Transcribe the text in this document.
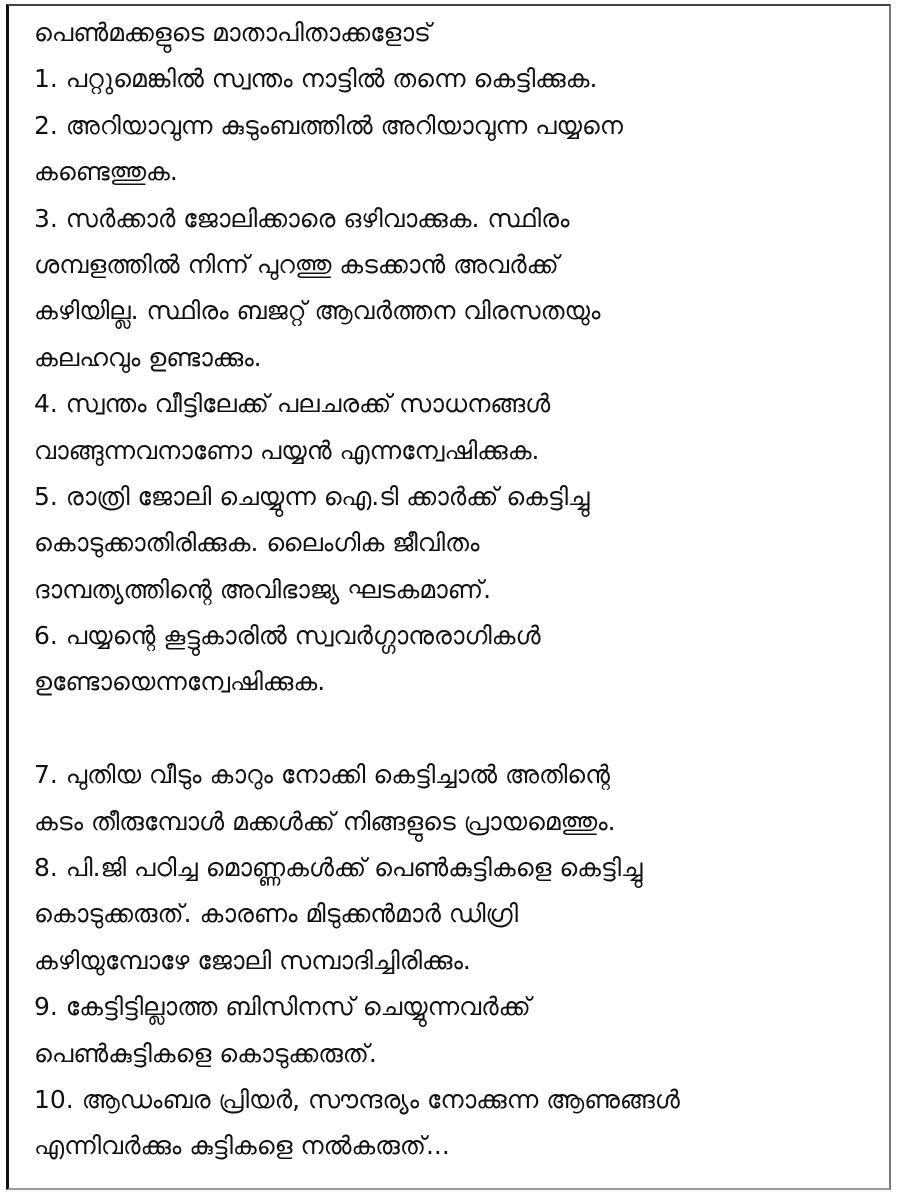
പെൺമക്കളുടെ മാതാപിതാക്കളോട്
1. പറ്റുമെങ്കിൽ സ്വന്തം നാട്ടിൽ തന്നെ കെട്ടിക്കുക.
2. അറിയാവുന്ന കുടുംബത്തിൽ അറിയാവുന്ന പയ്യനെ
കണ്ടെത്തുക.
3. സർക്കാർ ജോലിക്കാരെ ഒഴിവാക്കുക. സ്ഥിരം
ശമ്പളത്തിൽ നിന്ന് പുറത്തു കടക്കാൻ അവർക്ക്
കഴിയില്ല. സ്ഥിരം ബജറ്റ് ആവർത്തന വിരസതയും
കലഹവും ഉണ്ടാക്കും.
4. സ്വന്തം വീട്ടിലേക്ക് പലചരക്ക് സാധനങ്ങൾ
വാങ്ങുന്നവനാണോ പയ്യൻ എന്നന്വേഷിക്കുക.
5. രാത്രി ജോലി ചെയ്യുന്ന ഐ.ടി ക്കാർക്ക് കെട്ടിച്ചു
കൊടുക്കാതിരിക്കുക. ലൈംഗിക ജീവിതം
ദാമ്പത്യത്തിന്റെ അവിഭാജ്യ ഘടകമാണ്.
6. പയ്യന്റെ കൂട്ടുകാരിൽ സ്വവർഗ്ഗാനുരാഗികൾ
ഉണ്ടോയെന്നന്വേഷിക്കുക.
7. പുതിയ വീടും കാറും നോക്കി കെട്ടിച്ചാൽ അതിന്റെ
കടം തീരുമ്പോൾ മക്കൾക്ക് നിങ്ങളുടെ പ്രായമെത്തും.
8. പി.ജി പഠിച്ച മൊണ്ണകൾക്ക് പെൺകുട്ടികളെ കെട്ടിച്ചു
കൊടുക്കരുത്. കാരണം മിടുക്കൻമാർ ഡിഗ്രി
കഴിയുമ്പോഴേ ജോലി സമ്പാദിച്ചിരിക്കും.
9. കേട്ടിട്ടില്ലാത്ത ബിസിനസ് ചെയ്യുന്നവർക്ക്
പെൺകുട്ടികളെ കൊടുക്കരുത്.
10. ആഡംബര പ്രിയർ, സൗന്ദര്യം നോക്കുന്ന ആണുങ്ങൾ
എന്നിവർക്കും കുട്ടികളെ നൽകരുത്...
